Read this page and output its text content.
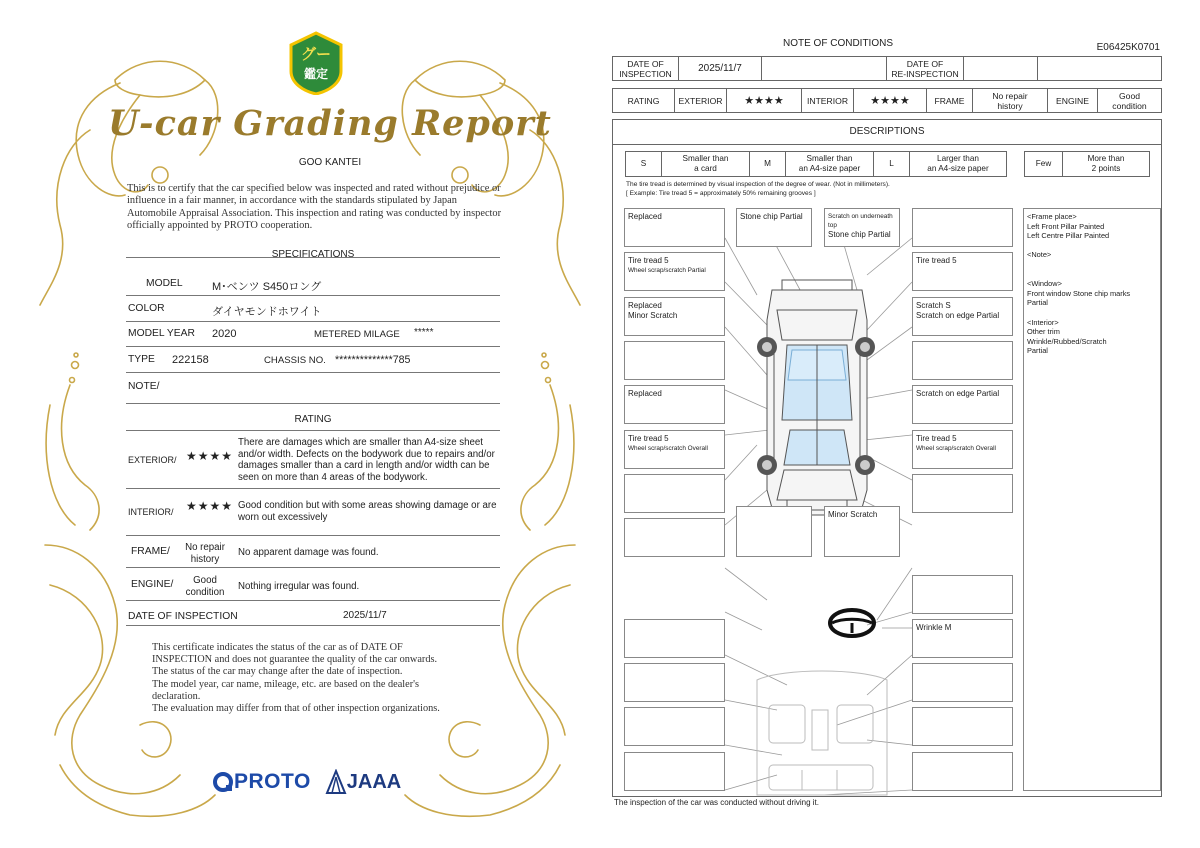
グー
鑑定
U-car Grading Report
GOO KANTEI
This is to certify that the car specified below was inspected and rated without prejudice or influence in a fair manner, in accordance with the standards stipulated by Japan Automobile Appraisal Association. This inspection and rating was conducted by inspector officially appointed by PROTO cooperation.
SPECIFICATIONS
MODEL	M･ベンツ S450ロング
COLOR	ダイヤモンドホワイト
MODEL YEAR 2020	METERED MILAGE *****
TYPE 222158	CHASSIS NO. **************785
NOTE/
RATING
EXTERIOR/ ★★★★
There are damages which are smaller than A4-size sheet and/or width. Defects on the bodywork due to repairs and/or damages smaller than a card in length and/or width can be seen on more than 4 areas of the bodywork.
INTERIOR/ ★★★★ Good condition but with some areas showing damage or are worn out excessively
FRAME/	No repair
history
No apparent damage was found.
ENGINE/	Good
condition
Nothing irregular was found.
DATE OF INSPECTION	2025/11/7
This certificate indicates the status of the car as of DATE OF
INSPECTION and does not guarantee the quality of the car onwards.
The status of the car may change after the date of inspection.
The model year, car name, mileage, etc. are based on the dealer's
declaration.
The evaluation may differ from that of other inspection organizations.
PROTO JAAA
NOTE OF CONDITIONS	E06425K0701
DATE OF
INSPECTION	2025/11/7		DATE OF
RE-INSPECTION		
RATING	EXTERIOR	★★★★	INTERIOR	★★★★	FRAME	No repair
history	ENGINE	Good
condition
DESCRIPTIONS
S	Smaller than
a card	M	Smaller than
an A4-size paper	L	Larger than
an A4-size paper
Few	More than
2 points
The tire tread is determined by visual inspection of the degree of wear. (Not in millimeters).
[ Example: Tire tread 5 = approximately 50% remaining grooves ]
Replaced	Stone chip Partial	Scratch on underneath top
Stone chip Partial
Tire tread 5
Wheel scrap/scratch Partial
Tire tread 5
Replaced
Minor Scratch
Scratch S
Scratch on edge Partial
Replaced	Scratch on edge Partial
Tire tread 5
Wheel scrap/scratch Overall
Tire tread 5
Wheel scrap/scratch Overall
Minor Scratch
Wrinkle M
<Frame place>
Left Front Pillar Painted
Left Centre Pillar Painted
<Note>
<Window>
Front window Stone chip marks
Partial
<Interior>
Other trim
Wrinkle/Rubbed/Scratch
Partial
The inspection of the car was conducted without driving it.
